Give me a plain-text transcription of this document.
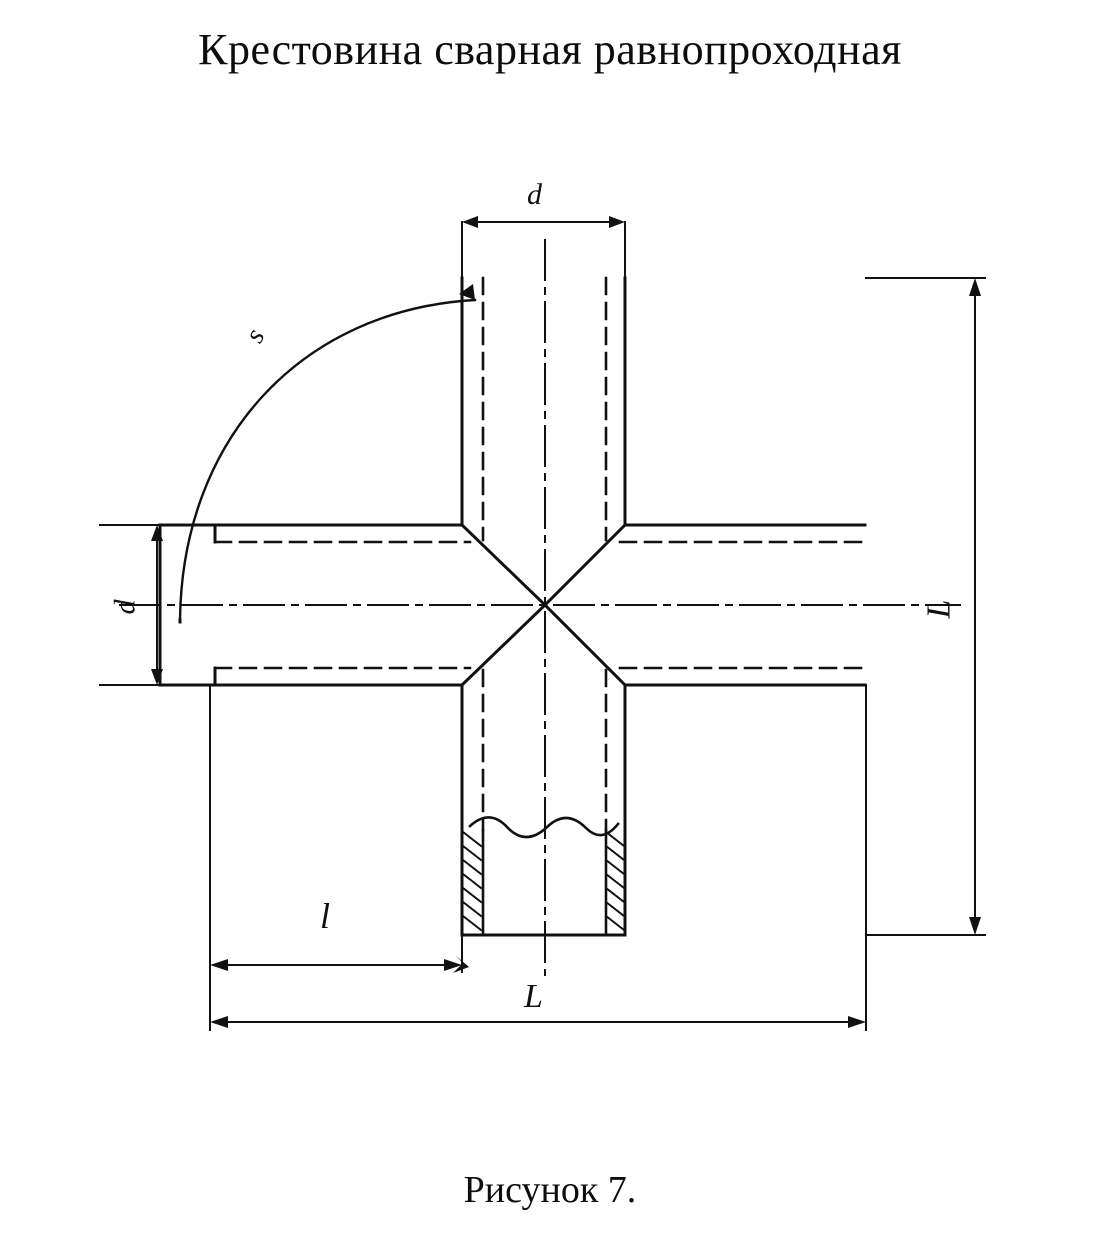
Крестовина сварная равнопроходная
d
d	L
L
l
s
Рисунок 7.
